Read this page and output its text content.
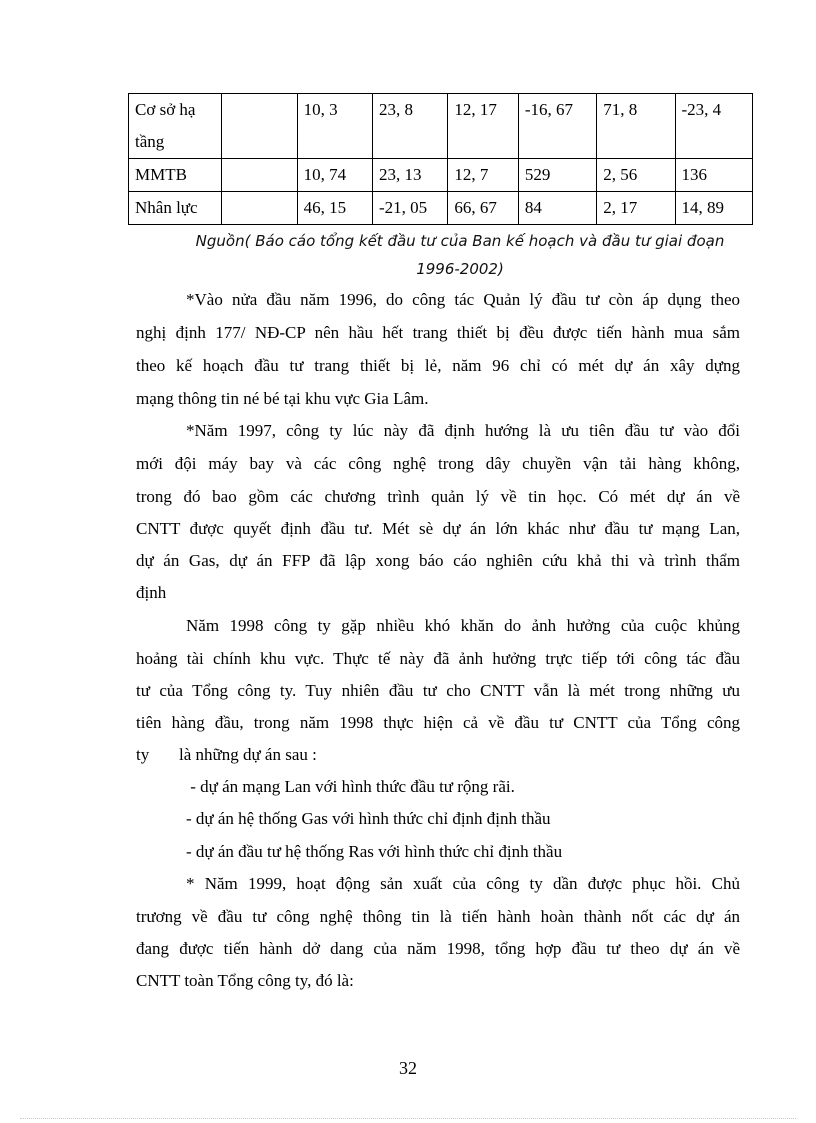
Cơ sở hạ tầng		10, 3	23, 8	12, 17	-16, 67	71, 8	-23, 4
MMTB		10, 74	23, 13	12, 7	529	2, 56	136
Nhân lực		46, 15	-21, 05	66, 67	84	2, 17	14, 89
Nguồn( Báo cáo tổng kết đầu tư của Ban kế hoạch và đầu tư giai đoạn
1996-2002)
*Vào nửa đầu năm 1996, do công tác Quản lý đầu tư còn áp dụng theo
nghị định 177/ NĐ-CP nên hầu hết trang thiết bị đều được tiến hành mua sắm
theo kế hoạch đầu tư trang thiết bị lẻ, năm 96 chỉ có mét dự án xây dựng
mạng thông tin né bé tại khu vực Gia Lâm.
*Năm 1997, công ty lúc này đã định hướng là ưu tiên đầu tư vào đổi
mới đội máy bay và các công nghệ trong dây chuyền vận tải hàng không,
trong đó bao gồm các chương trình quản lý về tin học. Có mét dự án về
CNTT được quyết định đầu tư. Mét sè dự án lớn khác như đầu tư mạng Lan,
dự án Gas, dự án FFP đã lập xong báo cáo nghiên cứu khả thi và trình thẩm
định
Năm 1998 công ty gặp nhiều khó khăn do ảnh hưởng của cuộc khủng
hoảng tài chính khu vực. Thực tế này đã ảnh hưởng trực tiếp tới công tác đầu
tư của Tổng công ty. Tuy nhiên đầu tư cho CNTT vẫn là mét trong những ưu
tiên hàng đầu, trong năm 1998 thực hiện cả về đầu tư CNTT của Tổng công
ty       là những dự án sau :
- dự án mạng Lan với hình thức đầu tư rộng rãi.
- dự án hệ thống Gas với hình thức chỉ định định thầu
- dự án đầu tư hệ thống Ras với hình thức chỉ định thầu
* Năm 1999, hoạt động sản xuất của công ty dần được phục hồi. Chủ
trương về đầu tư công nghệ thông tin là tiến hành hoàn thành nốt các dự án
đang được tiến hành dở dang của năm 1998, tổng hợp đầu tư theo dự án về
CNTT toàn Tổng công ty, đó là:
32
